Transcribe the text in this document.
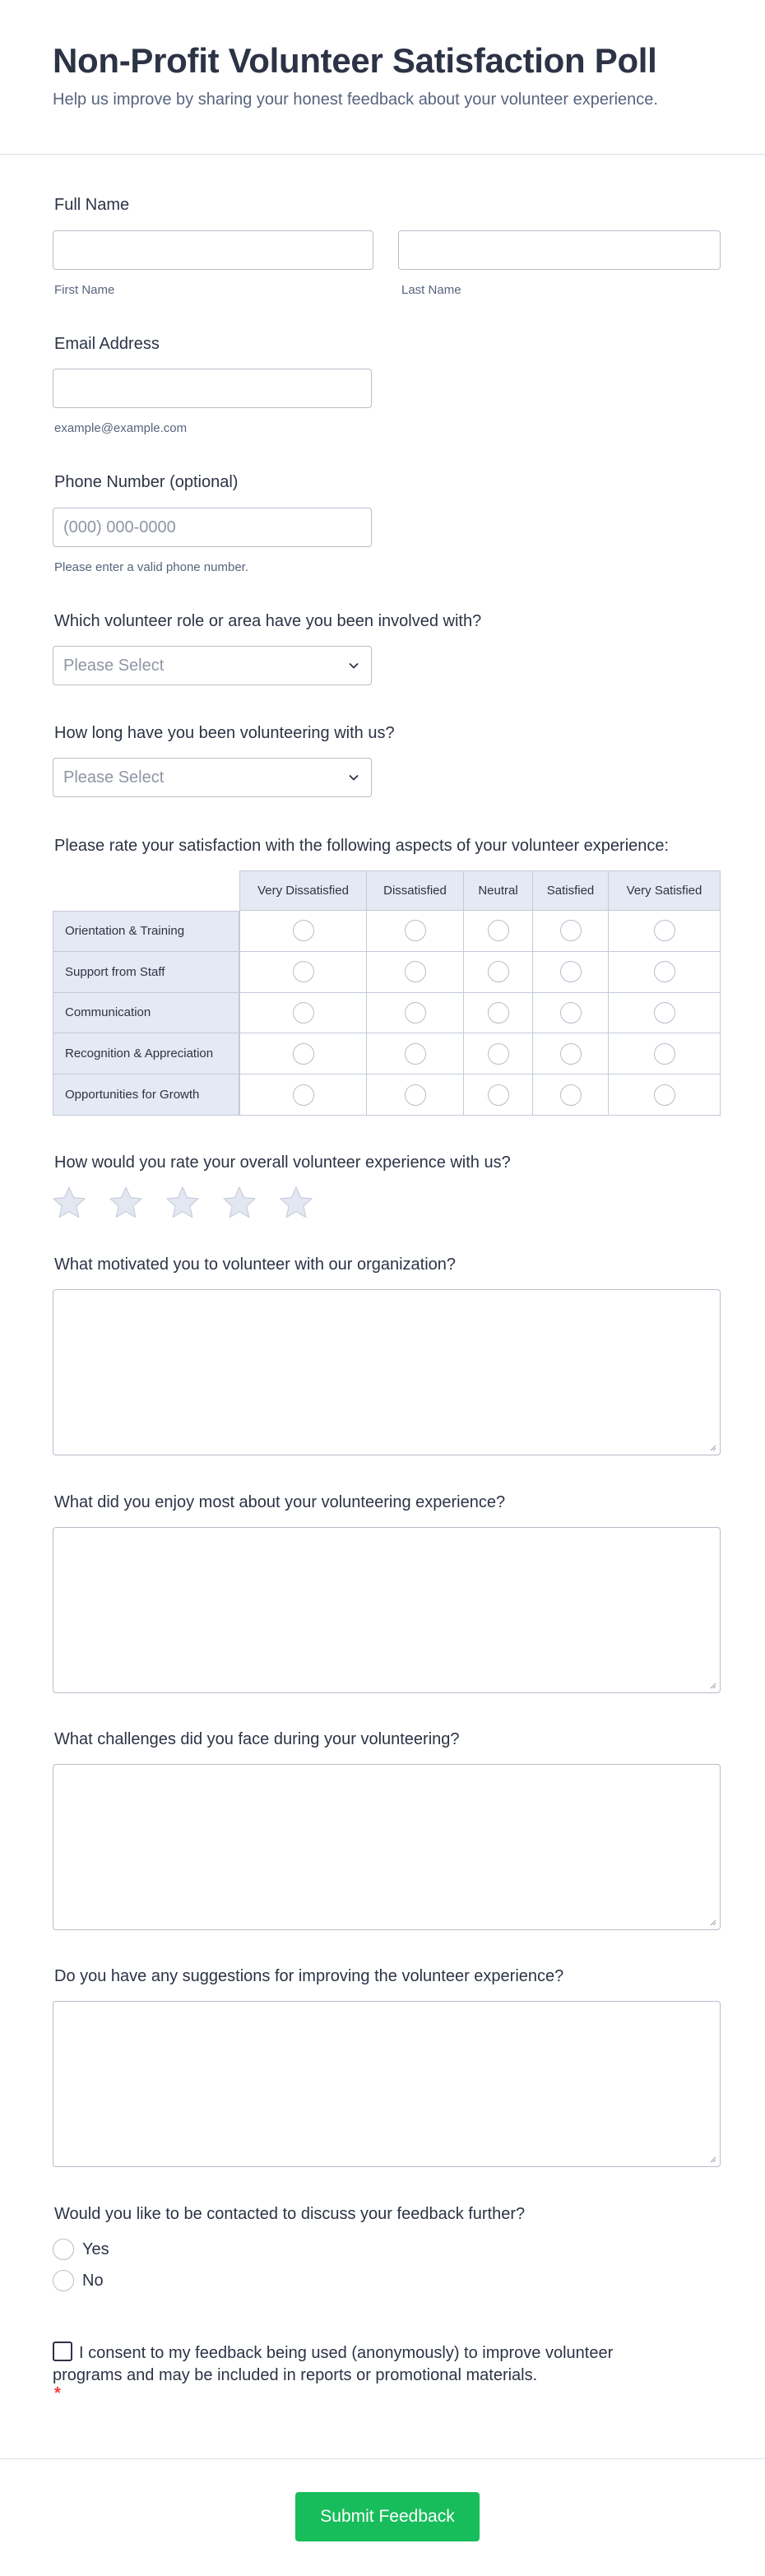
Non-Profit Volunteer Satisfaction Poll

Help us improve by sharing your honest feedback about your volunteer experience.

Full Name
First Name	Last Name
Email Address
example@example.com
Phone Number (optional)
(000) 000-0000
Please enter a valid phone number.
Which volunteer role or area have you been involved with?
Please Select
How long have you been volunteering with us?
Please Select
Please rate your satisfaction with the following aspects of your volunteer experience:
Very Dissatisfied	Dissatisfied	Neutral	Satisfied	Very Satisfied
Orientation & Training
Support from Staff
Communication
Recognition & Appreciation
Opportunities for Growth
How would you rate your overall volunteer experience with us?
What motivated you to volunteer with our organization?
What did you enjoy most about your volunteering experience?
What challenges did you face during your volunteering?
Do you have any suggestions for improving the volunteer experience?
Would you like to be contacted to discuss your feedback further?
Yes
No
I consent to my feedback being used (anonymously) to improve volunteer programs and may be included in reports or promotional materials.
*
Submit Feedback
